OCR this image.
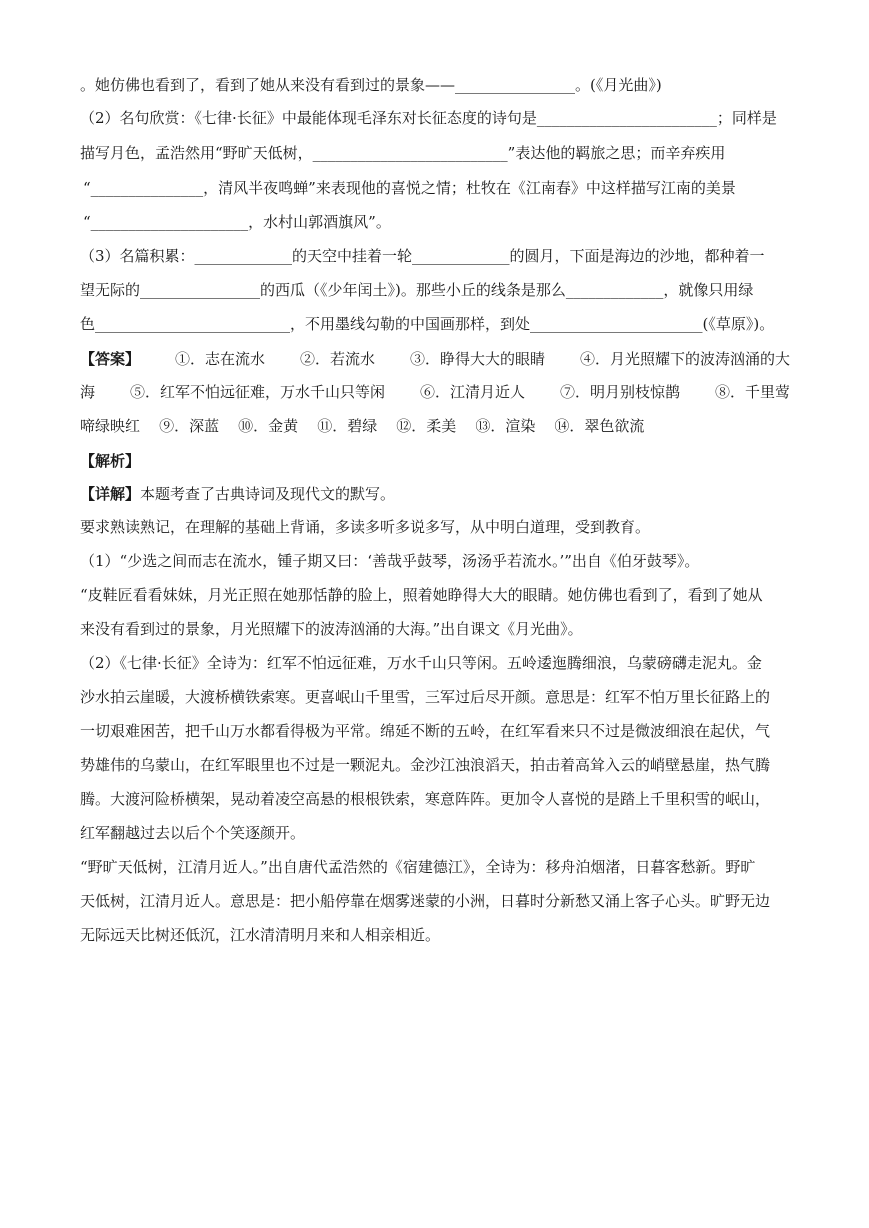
。她仿佛也看到了，看到了她从来没有看到过的景象——________________。(《月光曲》)
（2）名句欣赏：《七律·长征》中最能体现毛泽东对长征态度的诗句是________________________；同样是
描写月色，孟浩然用“野旷天低树，__________________________”表达他的羁旅之思；而辛弃疾用
“_______________，清风半夜鸣蝉”来表现他的喜悦之情；杜牧在《江南春》中这样描写江南的美景
“_____________________，水村山郭酒旗风”。
（3）名篇积累：_____________的天空中挂着一轮_____________的圆月，下面是海边的沙地，都种着一
望无际的________________的西瓜（《少年闰土》)。那些小丘的线条是那么_____________，就像只用绿
色__________________________，不用墨线勾勒的中国画那样，到处_______________________(《草原》)。
【答案】 ①．志在流水 ②．若流水 ③．睁得大大的眼睛 ④．月光照耀下的波涛汹涌的大
海 ⑤．红军不怕远征难，万水千山只等闲 ⑥．江清月近人 ⑦．明月别枝惊鹊 ⑧．千里莺
啼绿映红    ⑨．深蓝    ⑩．金黄    ⑪．碧绿    ⑫．柔美    ⑬．渲染    ⑭．翠色欲流
【解析】
【详解】本题考查了古典诗词及现代文的默写。
要求熟读熟记，在理解的基础上背诵，多读多听多说多写，从中明白道理，受到教育。
（1）“少选之间而志在流水，锺子期又曰：‘善哉乎鼓琴，汤汤乎若流水。’”出自《伯牙鼓琴》。
“皮鞋匠看看妹妹，月光正照在她那恬静的脸上，照着她睁得大大的眼睛。她仿佛也看到了，看到了她从
来没有看到过的景象，月光照耀下的波涛汹涌的大海。”出自课文《月光曲》。
（2）《七律·长征》全诗为：红军不怕远征难，万水千山只等闲。五岭逶迤腾细浪，乌蒙磅礴走泥丸。金
沙水拍云崖暖，大渡桥横铁索寒。更喜岷山千里雪，三军过后尽开颜。意思是：红军不怕万里长征路上的
一切艰难困苦，把千山万水都看得极为平常。绵延不断的五岭，在红军看来只不过是微波细浪在起伏，气
势雄伟的乌蒙山，在红军眼里也不过是一颗泥丸。金沙江浊浪滔天，拍击着高耸入云的峭壁悬崖，热气腾
腾。大渡河险桥横架，晃动着凌空高悬的根根铁索，寒意阵阵。更加令人喜悦的是踏上千里积雪的岷山，
红军翻越过去以后个个笑逐颜开。
“野旷天低树，江清月近人。”出自唐代孟浩然的《宿建德江》，全诗为：移舟泊烟渚，日暮客愁新。野旷
天低树，江清月近人。意思是：把小船停靠在烟雾迷蒙的小洲，日暮时分新愁又涌上客子心头。旷野无边
无际远天比树还低沉，江水清清明月来和人相亲相近。
